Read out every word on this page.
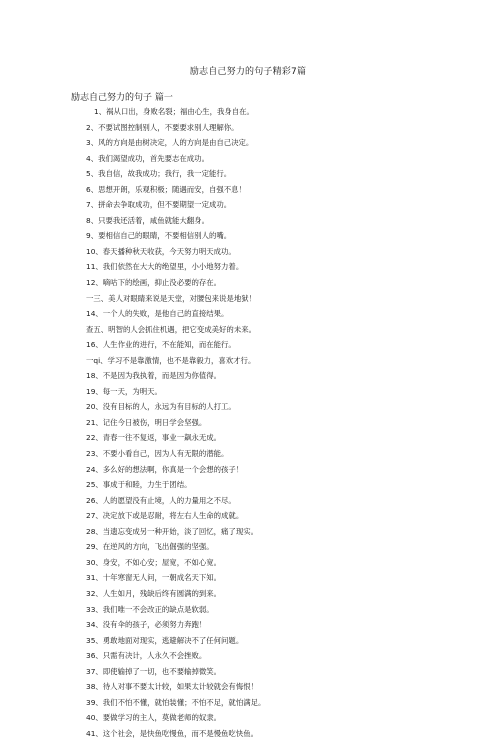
励志自己努力的句子精彩7篇
励志自己努力的句子 篇一
1、祸从口出，身败名裂；福由心生，我身自在。
2、不要试图控制别人，不要要求别人理解你。
3、风的方向是由树决定，人的方向是由自己决定。
4、我们渴望成功，首先要志在成功。
5、我自信，故我成功；我行，我一定能行。
6、思想开朗，乐观积极；随遇而安，自强不息！
7、拼命去争取成功，但不要期望一定成功。
8、只要我还活着，咸鱼就能大翻身。
9、要相信自己的眼睛，不要相信别人的嘴。
10、春天播种秋天收获，今天努力明天成功。
11、我们依然在大大的绝望里，小小地努力着。
12、嘀咕下的绘画，抑止没必要的存在。
一三、美人对眼睛来说是天堂，对腰包来说是地狱！
14、一个人的失败，是他自己的直接结果。
查五、明智的人会抓住机遇，把它变成美好的未来。
16、人生作业的进行，不在能知，而在能行。
一qi、学习不是靠激情，也不是靠毅力，喜欢才行。
18、不是因为我执着，而是因为你值得。
19、每一天，为明天。
20、没有目标的人，永远为有目标的人打工。
21、记住今日被伤，明日学会坚强。
22、青春一往不复返，事业一飙永无成。
23、不要小看自己，因为人有无限的潜能。
24、多么好的想法啊，你真是一个会想的孩子！
25、事成于和睦，力生于团结。
26、人的愿望没有止境，人的力量用之不尽。
27、决定放下或是忍耐，将左右人生命的成就。
28、当遗忘变成另一种开始，淡了回忆，痛了现实。
29、在逆风的方向，飞出倔强的坚强。
30、身安，不如心安；屋宽，不如心宽。
31、十年寒窗无人问，一朝成名天下知。
32、人生如月，残缺后终有圆满的到来。
33、我们唯一不会改正的缺点是软弱。
34、没有伞的孩子，必须努力奔跑！
35、勇敢地面对现实，逃避解决不了任何问题。
36、只需有决计，人永久不会挫败。
37、即使输掉了一切，也不要输掉微笑。
38、待人对事不要太计较，如果太计较就会有悔恨！
39、我们不怕不懂，就怕装懂；不怕不足，就怕满足。
40、要做学习的主人，莫做老师的奴隶。
41、这个社会，是快鱼吃慢鱼，而不是慢鱼吃快鱼。
